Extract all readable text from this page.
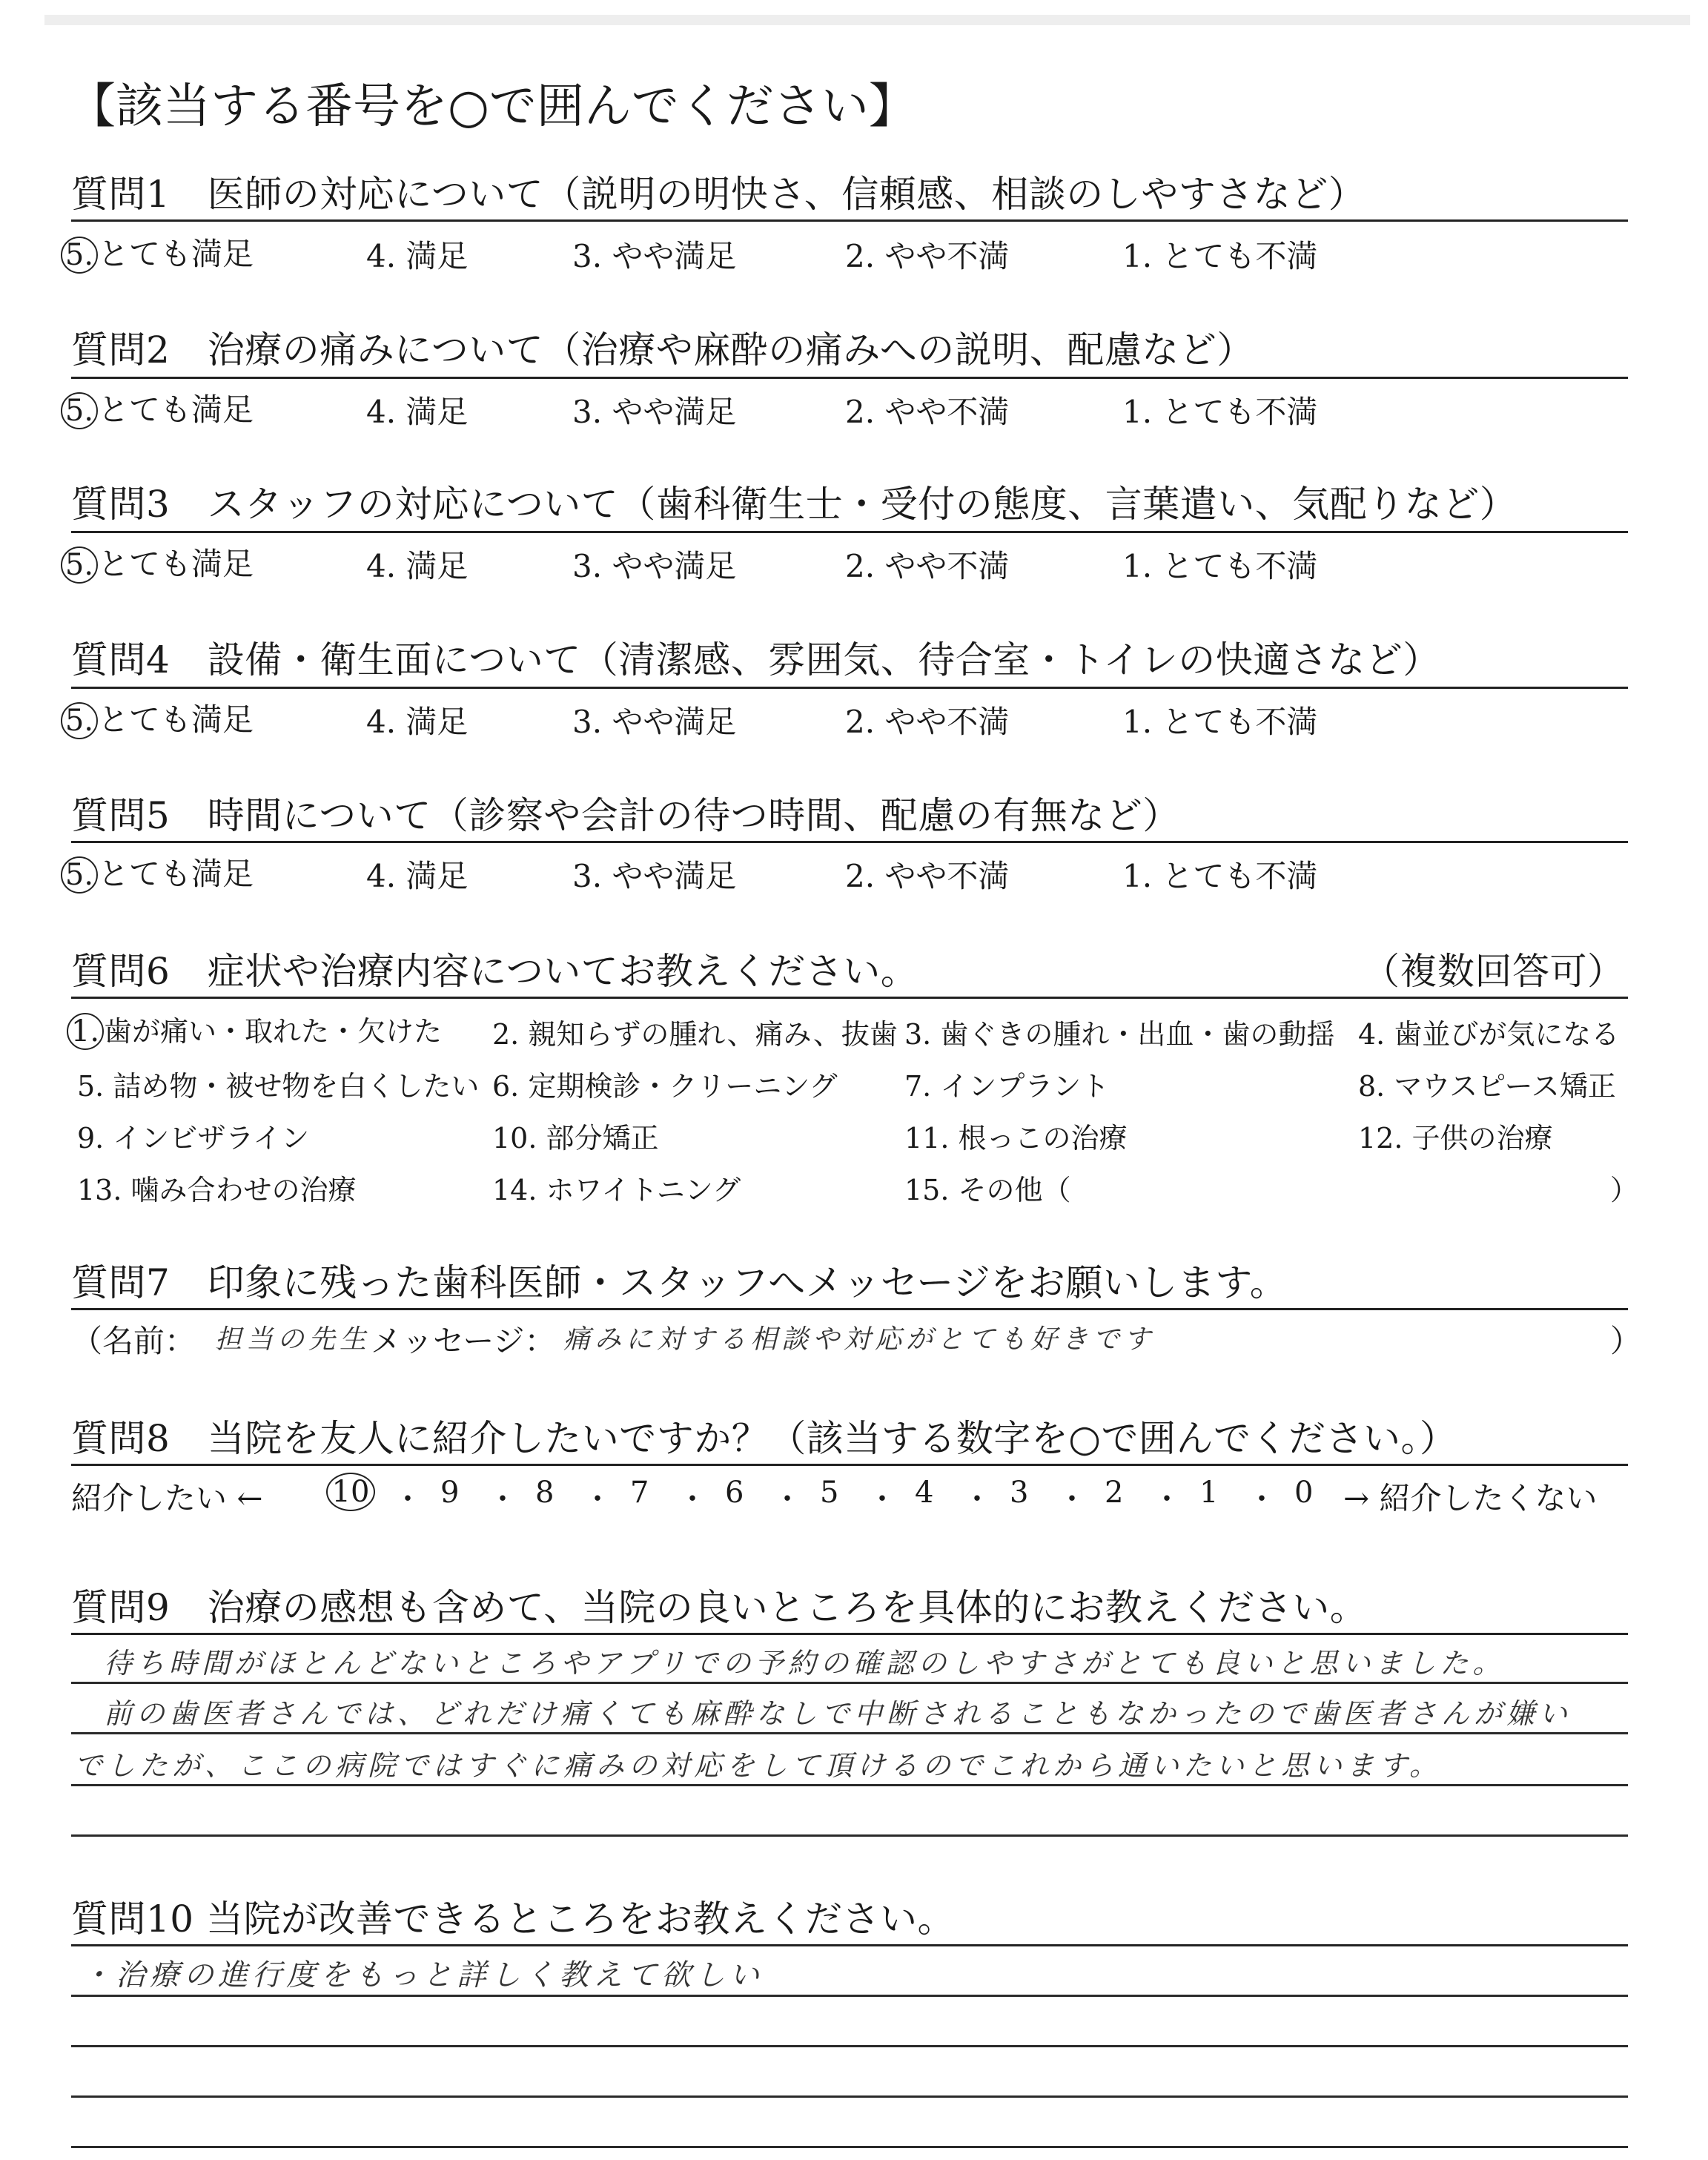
【該当する番号を○で囲んでください】
質問1　医師の対応について（説明の明快さ、信頼感、相談のしやすさなど）
5. とても満足	4. 満足	3. やや満足	2. やや不満	1. とても不満
質問2　治療の痛みについて（治療や麻酔の痛みへの説明、配慮など）
5. とても満足	4. 満足	3. やや満足	2. やや不満	1. とても不満
質問3　スタッフの対応について（歯科衛生士・受付の態度、言葉遣い、気配りなど）
5. とても満足	4. 満足	3. やや満足	2. やや不満	1. とても不満
質問4　設備・衛生面について（清潔感、雰囲気、待合室・トイレの快適さなど）
5. とても満足	4. 満足	3. やや満足	2. やや不満	1. とても不満
質問5　時間について（診察や会計の待つ時間、配慮の有無など）
5. とても満足	4. 満足	3. やや満足	2. やや不満	1. とても不満
質問6　症状や治療内容についてお教えください。	（複数回答可）
1. 歯が痛い・取れた・欠けた 2. 親知らずの腫れ、痛み、抜歯 3. 歯ぐきの腫れ・出血・歯の動揺 4. 歯並びが気になる
5. 詰め物・被せ物を白くしたい 6. 定期検診・クリーニング 7. インプラント	8. マウスピース矯正
9. インビザライン	10. 部分矯正	11. 根っこの治療	12. 子供の治療
13. 噛み合わせの治療	14. ホワイトニング	15. その他（	）
質問7　印象に残った歯科医師・スタッフへメッセージをお願いします。
（名前： 担当の先生 メッセージ： 痛みに対する相談や対応がとても好きです	）
質問8　当院を友人に紹介したいですか？（該当する数字を○で囲んでください。）
紹介したい ← 10 ・ 9 ・ 8 ・ 7 ・ 6 ・ 5 ・ 4 ・ 3 ・ 2 ・ 1 ・ 0 → 紹介したくない
質問9　治療の感想も含めて、当院の良いところを具体的にお教えください。
待ち時間がほとんどないところやアプリでの予約の確認のしやすさがとても良いと思いました。
前の歯医者さんでは、どれだけ痛くても麻酔なしで中断されることもなかったので歯医者さんが嫌い
でしたが、ここの病院ではすぐに痛みの対応をして頂けるのでこれから通いたいと思います。
質問10 当院が改善できるところをお教えください。
・治療の進行度をもっと詳しく教えて欲しい
